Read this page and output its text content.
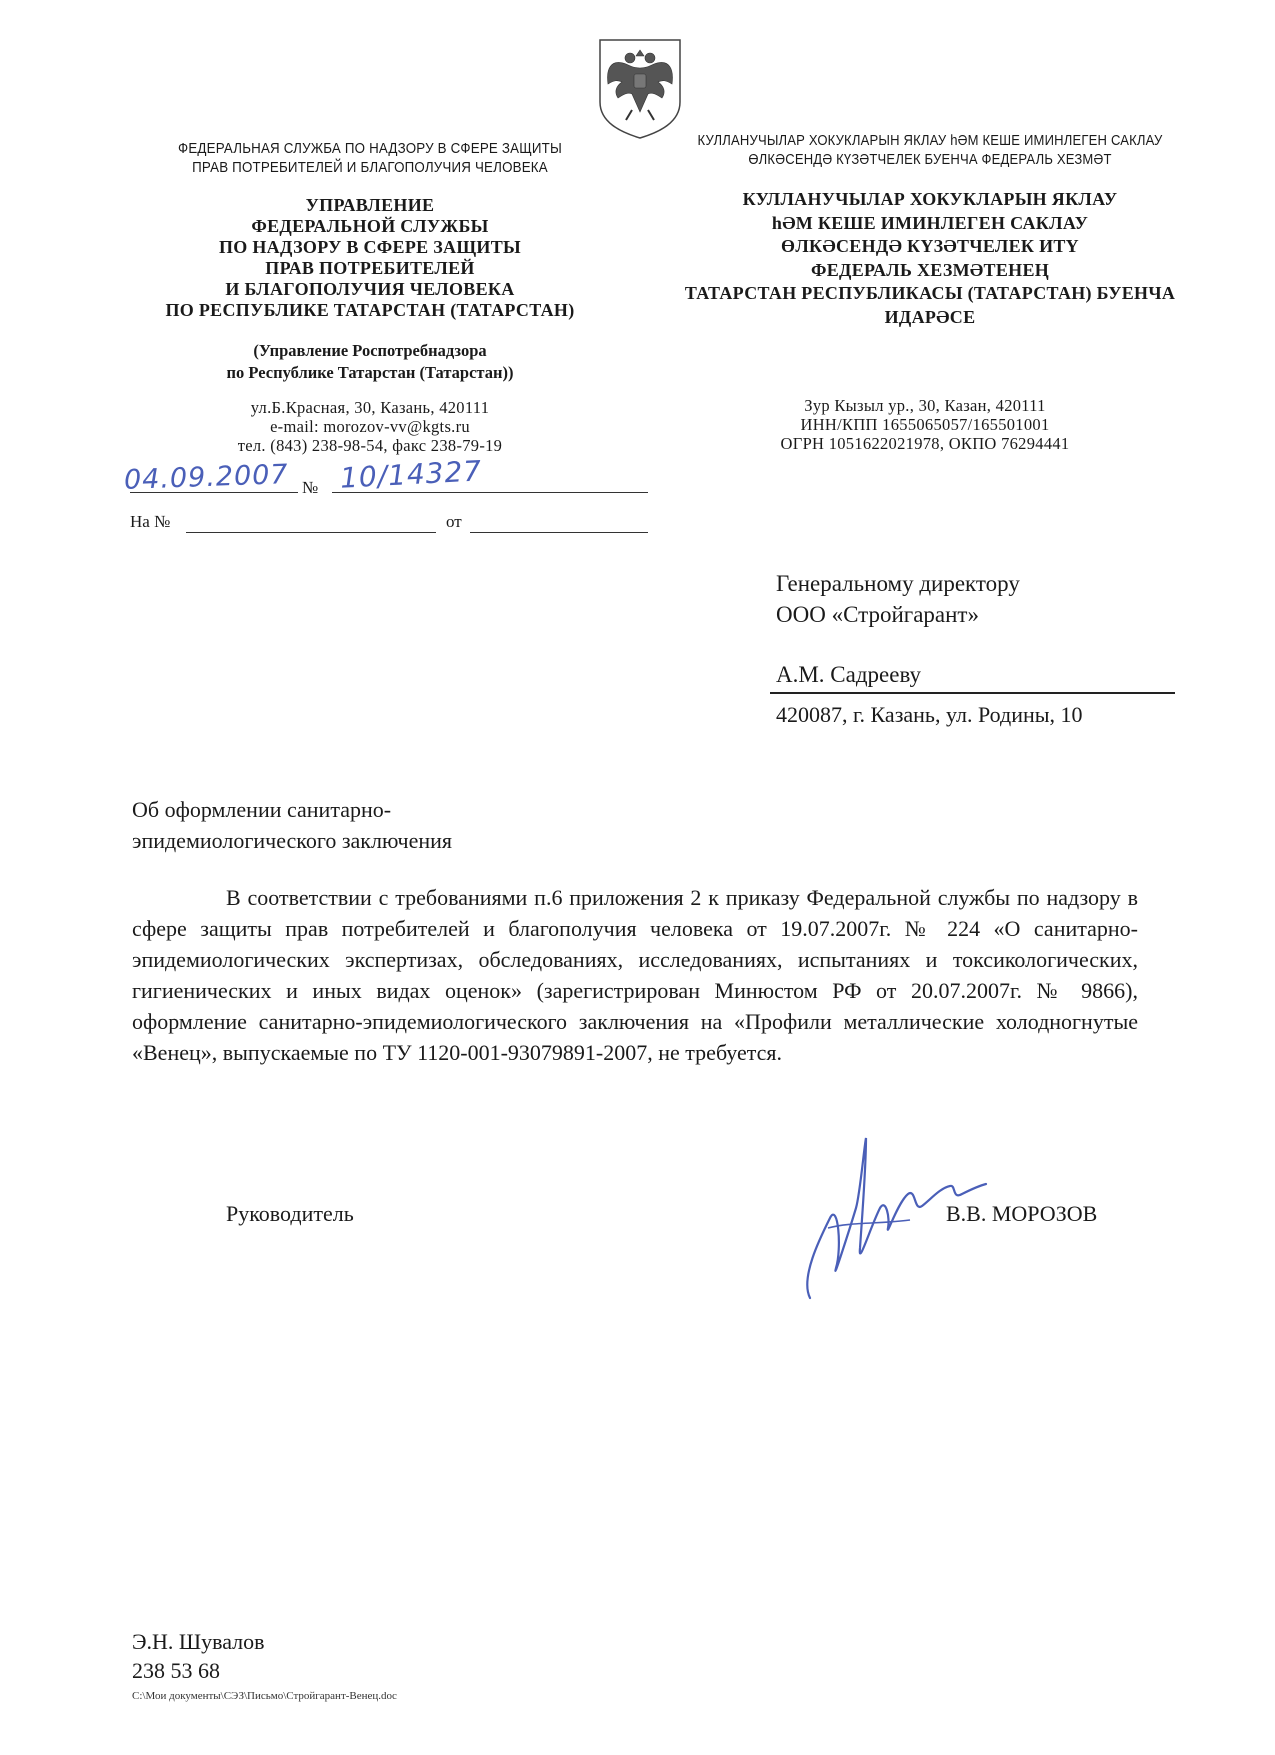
ФЕДЕРАЛЬНАЯ СЛУЖБА ПО НАДЗОРУ В СФЕРЕ ЗАЩИТЫ
ПРАВ ПОТРЕБИТЕЛЕЙ И БЛАГОПОЛУЧИЯ ЧЕЛОВЕКА
УПРАВЛЕНИЕ
ФЕДЕРАЛЬНОЙ СЛУЖБЫ
ПО НАДЗОРУ В СФЕРЕ ЗАЩИТЫ
ПРАВ ПОТРЕБИТЕЛЕЙ
И БЛАГОПОЛУЧИЯ ЧЕЛОВЕКА
ПО РЕСПУБЛИКЕ ТАТАРСТАН (ТАТАРСТАН)
(Управление Роспотребнадзора
по Республике Татарстан (Татарстан))
ул.Б.Красная, 30, Казань, 420111
e-mail: morozov-vv@kgts.ru
тел. (843) 238-98-54, факс 238-79-19
КУЛЛАНУЧЫЛАР ХОКУКЛАРЫН ЯКЛАУ һӘМ КЕШЕ ИМИНЛЕГЕН САКЛАУ
ӨЛКӘСЕНДӘ КҮЗӘТЧЕЛЕК БУЕНЧА ФЕДЕРАЛЬ ХЕЗМӘТ
КУЛЛАНУЧЫЛАР ХОКУКЛАРЫН ЯКЛАУ
һӘМ КЕШЕ ИМИНЛЕГЕН САКЛАУ
ӨЛКӘСЕНДӘ КҮЗӘТЧЕЛЕК ИТҮ
ФЕДЕРАЛЬ ХЕЗМӘТЕНЕҢ
ТАТАРСТАН РЕСПУБЛИКАСЫ (ТАТАРСТАН) БУЕНЧА
ИДАРӘСЕ
Зур Кызыл ур., 30, Казан, 420111
ИНН/КПП 1655065057/165501001
ОГРН 1051622021978, ОКПО 76294441
04.09.2007 № 10/14327
На №	от
Генеральному директору
ООО «Стройгарант»
А.М. Садрееву
420087, г. Казань, ул. Родины, 10
Об оформлении санитарно-
эпидемиологического заключения
В соответствии с требованиями п.6 приложения 2 к приказу Федеральной службы по надзору в сфере защиты прав потребителей и благополучия человека от 19.07.2007г. № 224 «О санитарно-эпидемиологических экспертизах, обследованиях, исследованиях, испытаниях и токсикологических, гигиенических и иных видах оценок» (зарегистрирован Минюстом РФ от 20.07.2007г. № 9866), оформление санитарно-эпидемиологического заключения на «Профили металлические холодногнутые «Венец», выпускаемые по ТУ 1120-001-93079891-2007, не требуется.
Руководитель	В.В. МОРОЗОВ
Э.Н. Шувалов
238 53 68
C:\Мои документы\СЭЗ\Письмо\Стройгарант-Венец.doc
